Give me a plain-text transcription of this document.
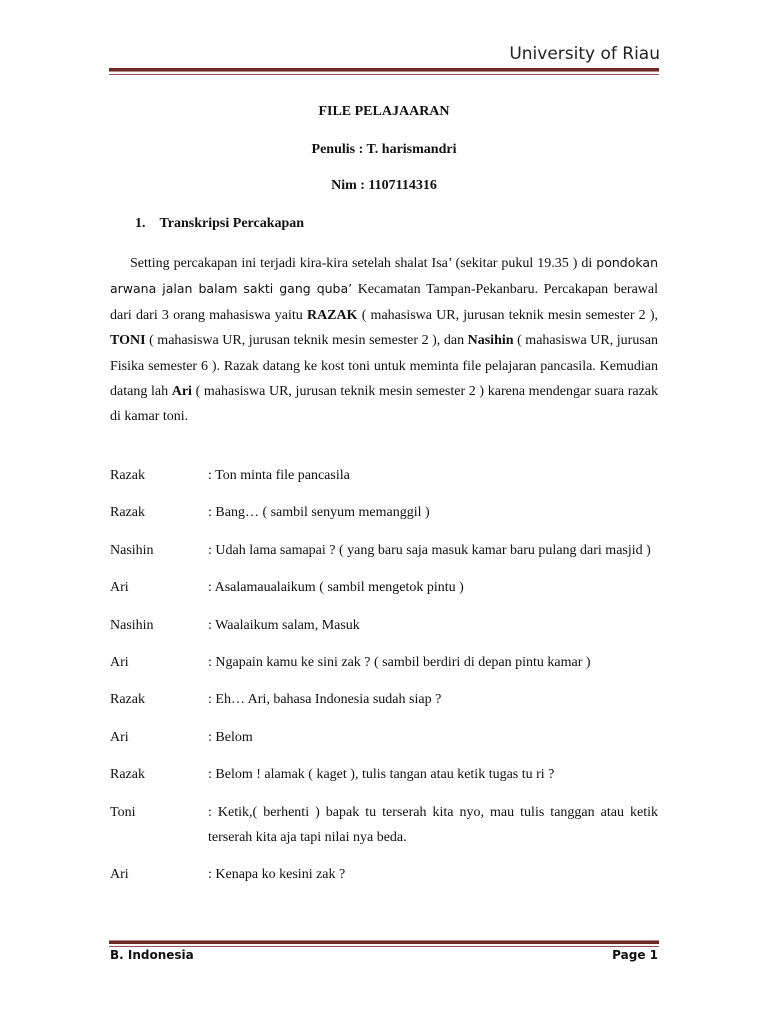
University of Riau
FILE PELAJAARAN
Penulis : T. harismandri
Nim : 1107114316
1. Transkripsi Percakapan
Setting percakapan ini terjadi kira-kira setelah shalat Isa’ (sekitar pukul 19.35 ) di pondokan arwana jalan balam sakti gang quba’ Kecamatan Tampan-Pekanbaru. Percakapan berawal dari dari 3 orang mahasiswa yaitu RAZAK ( mahasiswa UR, jurusan teknik mesin semester 2 ), TONI ( mahasiswa UR, jurusan teknik mesin semester 2 ), dan Nasihin ( mahasiswa UR, jurusan Fisika semester 6 ). Razak datang ke kost toni untuk meminta file pelajaran pancasila. Kemudian datang lah Ari ( mahasiswa UR, jurusan teknik mesin semester 2 ) karena mendengar suara razak di kamar toni.
Razak	: Ton minta file pancasila
Razak	: Bang… ( sambil senyum memanggil )
Nasihin	: Udah lama samapai ? ( yang baru saja masuk kamar baru pulang dari masjid )
Ari	: Asalamaualaikum ( sambil mengetok pintu )
Nasihin	: Waalaikum salam, Masuk
Ari	: Ngapain kamu ke sini zak ? ( sambil berdiri di depan pintu kamar )
Razak	: Eh… Ari, bahasa Indonesia sudah siap ?
Ari	: Belom
Razak	: Belom ! alamak ( kaget ), tulis tangan atau ketik tugas tu ri ?
Toni	: Ketik,( berhenti ) bapak tu terserah kita nyo, mau tulis tanggan atau ketik terserah kita aja tapi nilai nya beda.
Ari	: Kenapa ko kesini zak ?
B. Indonesia	Page 1
